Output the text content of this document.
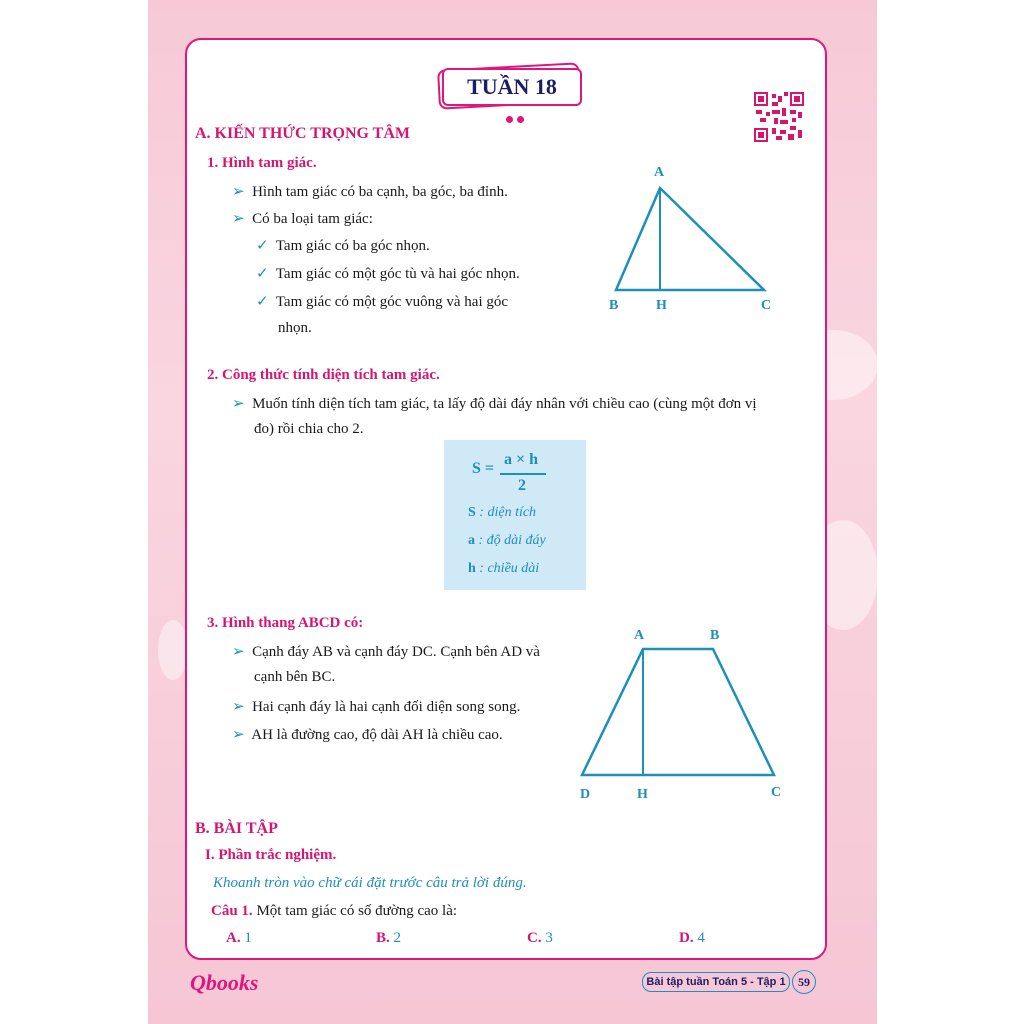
TUẦN 18
A. KIẾN THỨC TRỌNG TÂM
1. Hình tam giác.
➢ Hình tam giác có ba cạnh, ba góc, ba đỉnh.
➢ Có ba loại tam giác:
✓ Tam giác có ba góc nhọn.
✓ Tam giác có một góc tù và hai góc nhọn.
✓ Tam giác có một góc vuông và hai góc
nhọn.
A
B	H	C
2. Công thức tính diện tích tam giác.
➢ Muốn tính diện tích tam giác, ta lấy độ dài đáy nhân với chiều cao (cùng một đơn vị
đo) rồi chia cho 2.
S =
a × h
2
S : diện tích
a : độ dài đáy
h : chiều dài
3. Hình thang ABCD có:
➢ Cạnh đáy AB và cạnh đáy DC. Cạnh bên AD và
cạnh bên BC.
➢ Hai cạnh đáy là hai cạnh đối diện song song.
➢ AH là đường cao, độ dài AH là chiều cao.
A	B
D	H	C
B. BÀI TẬP
I. Phần trắc nghiệm.
Khoanh tròn vào chữ cái đặt trước câu trả lời đúng.
Câu 1. Một tam giác có số đường cao là:
A. 1	B. 2	C. 3	D. 4
Qbooks	Bài tập tuần Toán 5 - Tập 1	59
